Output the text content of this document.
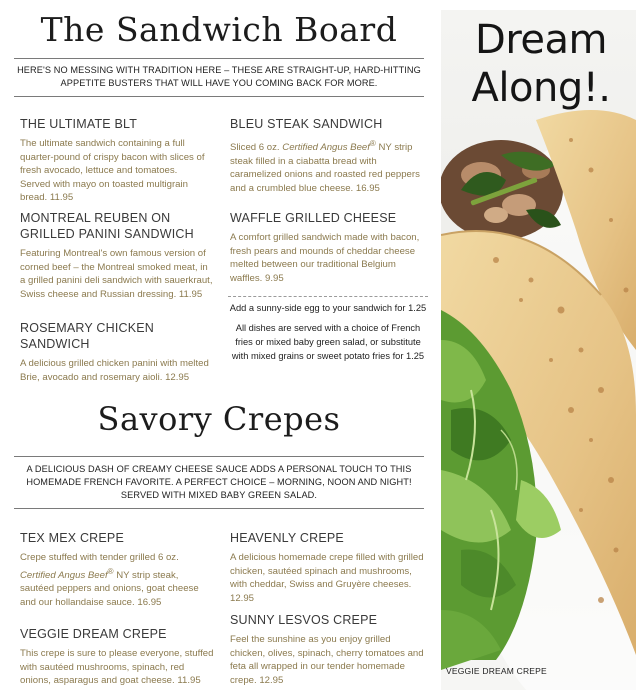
The Sandwich Board
HERE'S NO MESSING WITH TRADITION HERE – THESE ARE STRAIGHT-UP, HARD-HITTING APPETITE BUSTERS THAT WILL HAVE YOU COMING BACK FOR MORE.
THE ULTIMATE BLT
The ultimate sandwich containing a full quarter-pound of crispy bacon with slices of fresh avocado, lettuce and tomatoes. Served with mayo on toasted multigrain bread. 11.95
MONTREAL REUBEN ON GRILLED PANINI SANDWICH
Featuring Montreal's own famous version of corned beef – the Montreal smoked meat, in a grilled panini deli sandwich with sauerkraut, Swiss cheese and Russian dressing. 11.95
ROSEMARY CHICKEN SANDWICH
A delicious grilled chicken panini with melted Brie, avocado and rosemary aioli. 12.95
BLEU STEAK SANDWICH
Sliced 6 oz. Certified Angus Beef® NY strip steak filled in a ciabatta bread with caramelized onions and roasted red peppers and a crumbled blue cheese. 16.95
WAFFLE GRILLED CHEESE
A comfort grilled sandwich made with bacon, fresh pears and mounds of cheddar cheese melted between our traditional Belgium waffles. 9.95
Add a sunny-side egg to your sandwich for 1.25
All dishes are served with a choice of French fries or mixed baby green salad, or substitute with mixed grains or sweet potato fries for 1.25
Savory Crepes
A DELICIOUS DASH OF CREAMY CHEESE SAUCE ADDS A PERSONAL TOUCH TO THIS HOMEMADE FRENCH FAVORITE. A PERFECT CHOICE – MORNING, NOON AND NIGHT! SERVED WITH MIXED BABY GREEN SALAD.
TEX MEX CREPE
Crepe stuffed with tender grilled 6 oz. Certified Angus Beef® NY strip steak, sautéed peppers and onions, goat cheese and our hollandaise sauce. 16.95
VEGGIE DREAM CREPE
This crepe is sure to please everyone, stuffed with sautéed mushrooms, spinach, red onions, asparagus and goat cheese. 11.95
HEAVENLY CREPE
A delicious homemade crepe filled with grilled chicken, sautéed spinach and mushrooms, with cheddar, Swiss and Gruyère cheeses. 12.95
SUNNY LESVOS CREPE
Feel the sunshine as you enjoy grilled chicken, olives, spinach, cherry tomatoes and feta all wrapped in our tender homemade crepe. 12.95
Dream
Along!.
VEGGIE DREAM CREPE
